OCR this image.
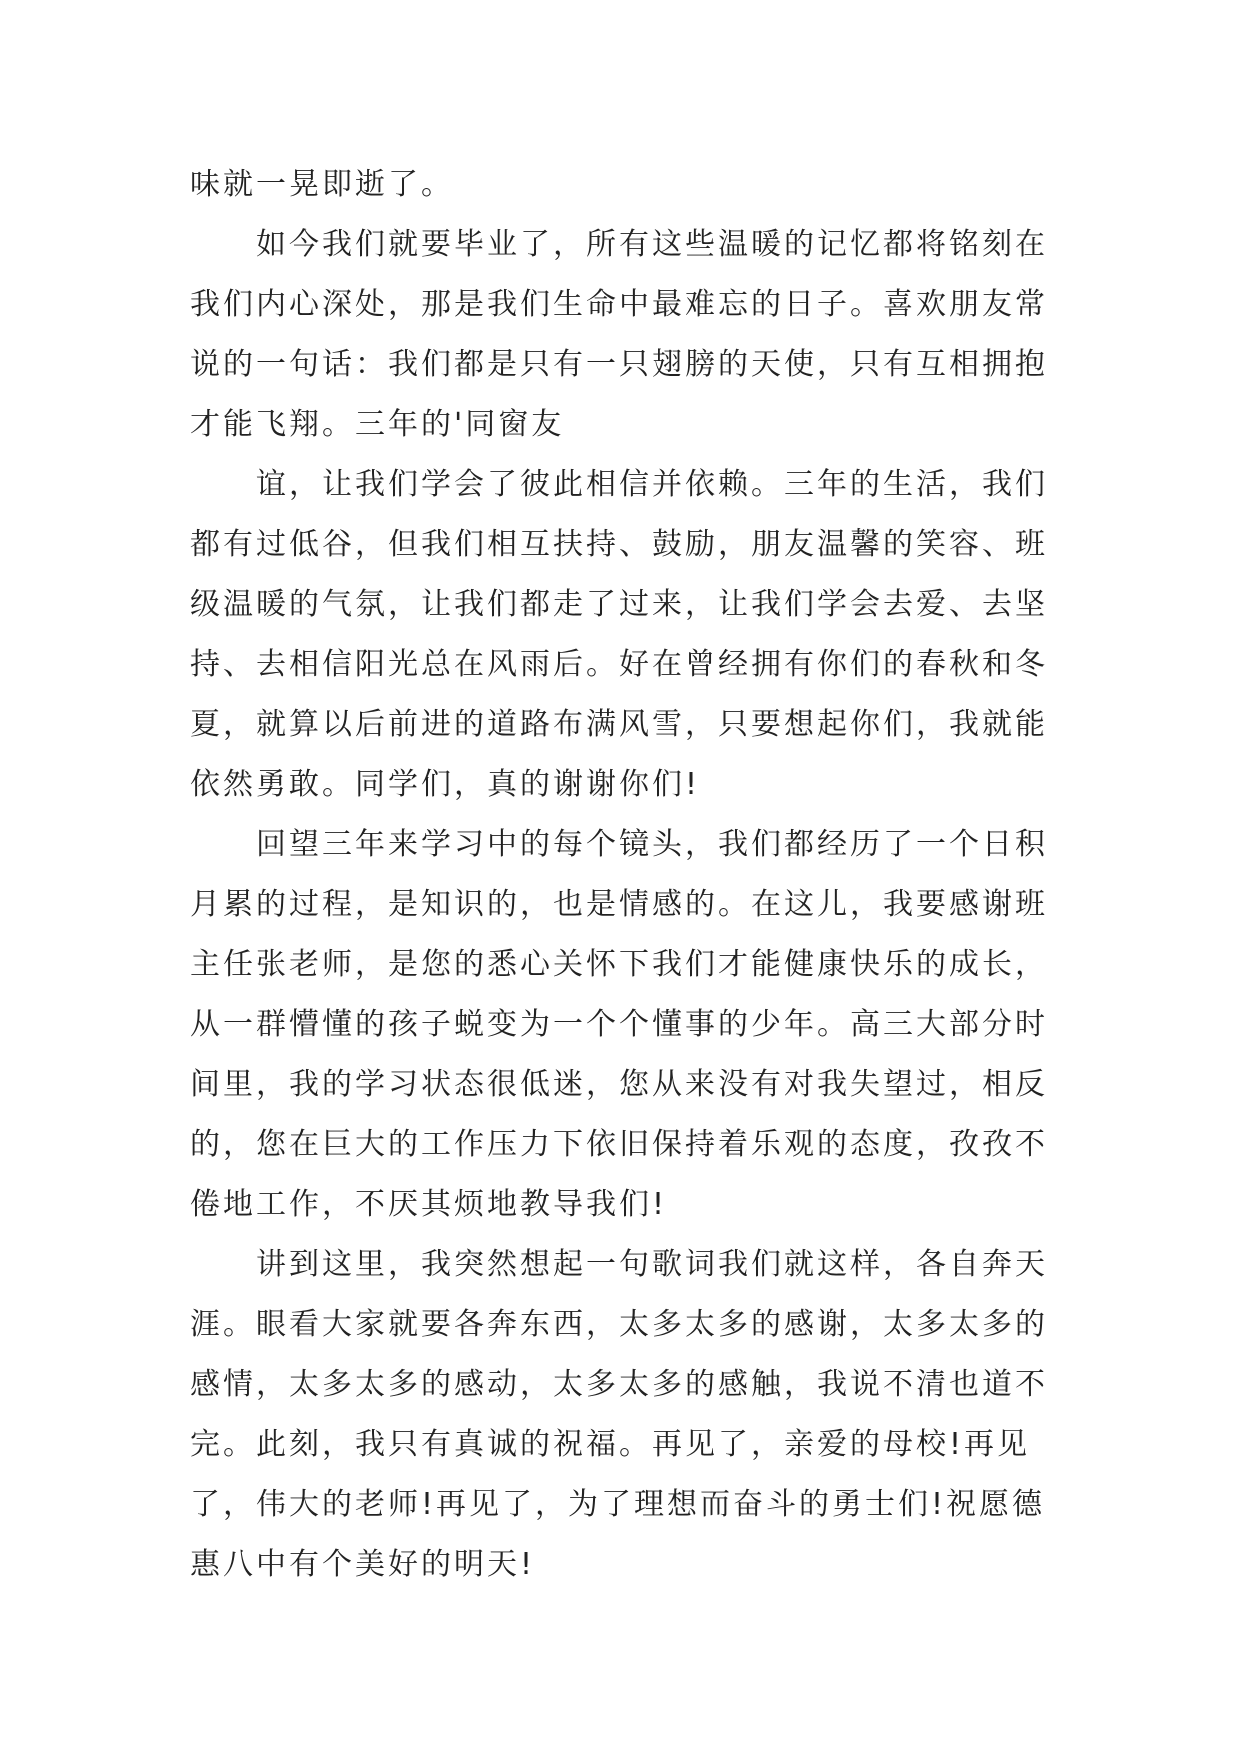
味就一晃即逝了。
如今我们就要毕业了，所有这些温暖的记忆都将铭刻在
我们内心深处，那是我们生命中最难忘的日子。喜欢朋友常
说的一句话：我们都是只有一只翅膀的天使，只有互相拥抱
才能飞翔。三年的'同窗友
谊，让我们学会了彼此相信并依赖。三年的生活，我们
都有过低谷，但我们相互扶持、鼓励，朋友温馨的笑容、班
级温暖的气氛，让我们都走了过来，让我们学会去爱、去坚
持、去相信阳光总在风雨后。好在曾经拥有你们的春秋和冬
夏，就算以后前进的道路布满风雪，只要想起你们，我就能
依然勇敢。同学们，真的谢谢你们!
回望三年来学习中的每个镜头，我们都经历了一个日积
月累的过程，是知识的，也是情感的。在这儿，我要感谢班
主任张老师，是您的悉心关怀下我们才能健康快乐的成长，
从一群懵懂的孩子蜕变为一个个懂事的少年。高三大部分时
间里，我的学习状态很低迷，您从来没有对我失望过，相反
的，您在巨大的工作压力下依旧保持着乐观的态度，孜孜不
倦地工作，不厌其烦地教导我们!
讲到这里，我突然想起一句歌词我们就这样，各自奔天
涯。眼看大家就要各奔东西，太多太多的感谢，太多太多的
感情，太多太多的感动，太多太多的感触，我说不清也道不
完。此刻，我只有真诚的祝福。再见了，亲爱的母校!再见
了，伟大的老师!再见了，为了理想而奋斗的勇士们!祝愿德
惠八中有个美好的明天!
